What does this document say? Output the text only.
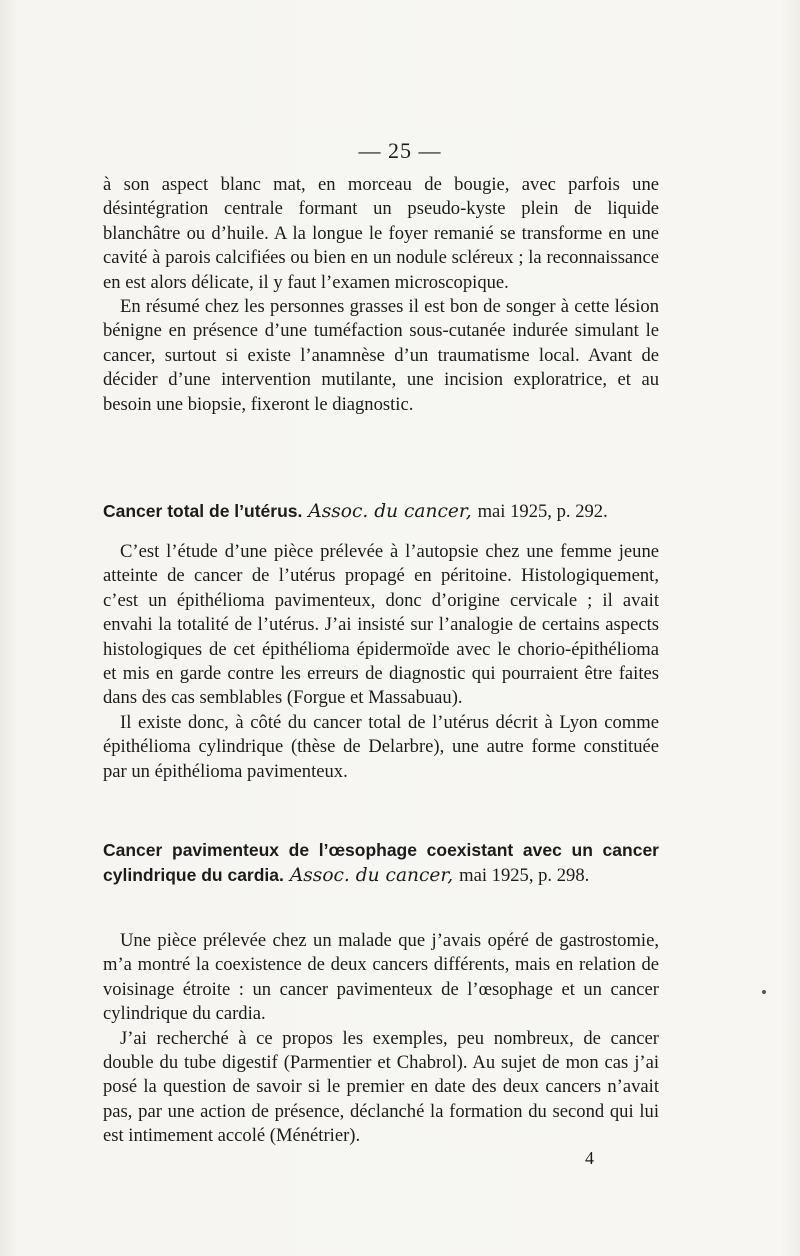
— 25 —

à son aspect blanc mat, en morceau de bougie, avec parfois une désintégration centrale formant un pseudo-kyste plein de liquide blanchâtre ou d’huile. A la longue le foyer remanié se transforme en une cavité à parois calcifiées ou bien en un nodule scléreux ; la reconnaissance en est alors délicate, il y faut l’examen microscopique.

En résumé chez les personnes grasses il est bon de songer à cette lésion bénigne en présence d’une tuméfaction sous-cutanée indurée simulant le cancer, surtout si existe l’anamnèse d’un traumatisme local. Avant de décider d’une intervention mutilante, une incision exploratrice, et au besoin une biopsie, fixeront le diagnostic.

Cancer total de l’utérus. Assoc. du cancer, mai 1925, p. 292.

C’est l’étude d’une pièce prélevée à l’autopsie chez une femme jeune atteinte de cancer de l’utérus propagé en péritoine. Histologiquement, c’est un épithélioma pavimenteux, donc d’origine cervicale ; il avait envahi la totalité de l’utérus. J’ai insisté sur l’analogie de certains aspects histologiques de cet épithélioma épidermoïde avec le chorio-épithélioma et mis en garde contre les erreurs de diagnostic qui pourraient être faites dans des cas semblables (Forgue et Massabuau).

Il existe donc, à côté du cancer total de l’utérus décrit à Lyon comme épithélioma cylindrique (thèse de Delarbre), une autre forme constituée par un épithélioma pavimenteux.

Cancer pavimenteux de l’œsophage coexistant avec un cancer cylindrique du cardia. Assoc. du cancer, mai 1925, p. 298.

Une pièce prélevée chez un malade que j’avais opéré de gastrostomie, m’a montré la coexistence de deux cancers différents, mais en relation de voisinage étroite : un cancer pavimenteux de l’œsophage et un cancer cylindrique du cardia.

J’ai recherché à ce propos les exemples, peu nombreux, de cancer double du tube digestif (Parmentier et Chabrol). Au sujet de mon cas j’ai posé la question de savoir si le premier en date des deux cancers n’avait pas, par une action de présence, déclanché la formation du second qui lui est intimement accolé (Ménétrier).

4
